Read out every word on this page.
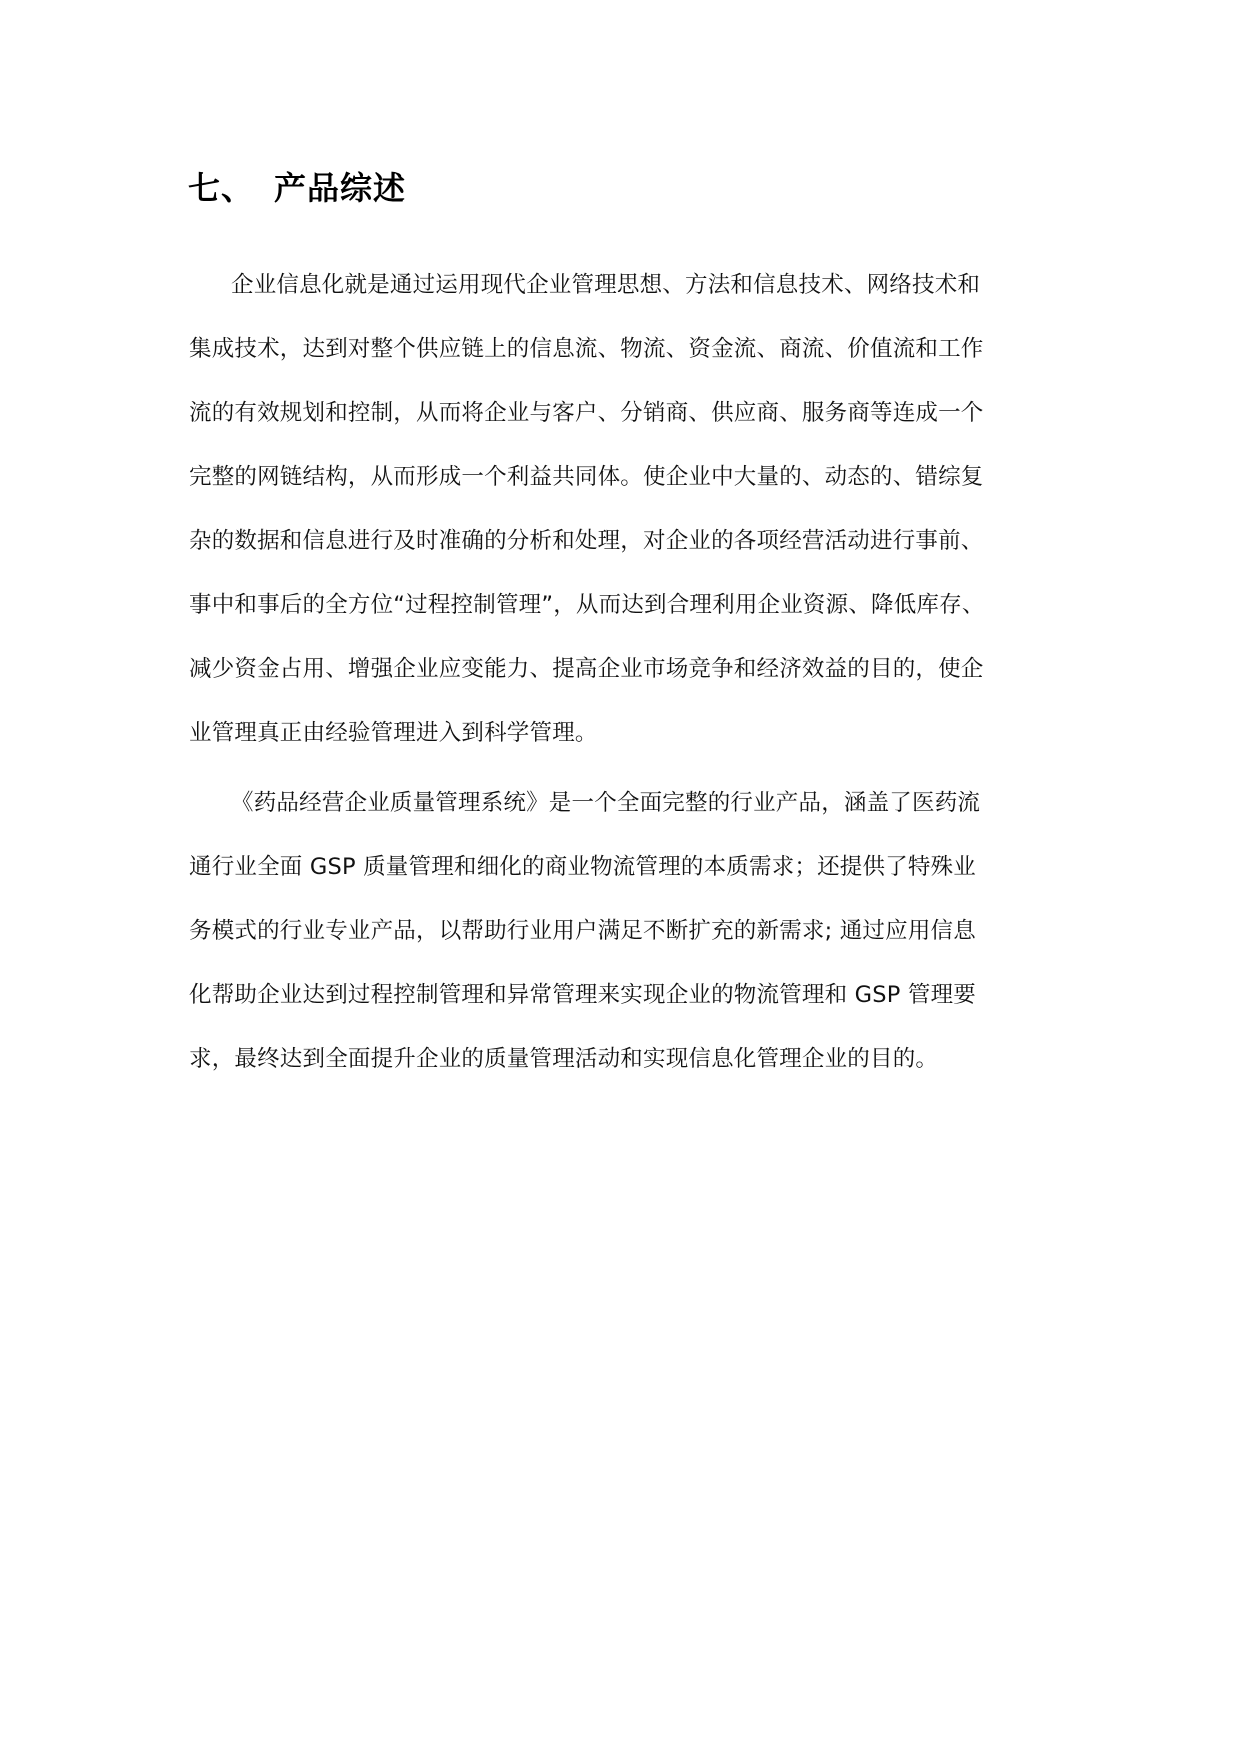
七、 产品综述
企业信息化就是通过运用现代企业管理思想、方法和信息技术、网络技术和
集成技术，达到对整个供应链上的信息流、物流、资金流、商流、价值流和工作
流的有效规划和控制，从而将企业与客户、分销商、供应商、服务商等连成一个
完整的网链结构，从而形成一个利益共同体。使企业中大量的、动态的、错综复
杂的数据和信息进行及时准确的分析和处理，对企业的各项经营活动进行事前、
事中和事后的全方位“过程控制管理”，从而达到合理利用企业资源、降低库存、
减少资金占用、增强企业应变能力、提高企业市场竞争和经济效益的目的，使企
业管理真正由经验管理进入到科学管理。
《药品经营企业质量管理系统》是一个全面完整的行业产品，涵盖了医药流
通行业全面 GSP 质量管理和细化的商业物流管理的本质需求；还提供了特殊业
务模式的行业专业产品，以帮助行业用户满足不断扩充的新需求; 通过应用信息
化帮助企业达到过程控制管理和异常管理来实现企业的物流管理和 GSP 管理要
求，最终达到全面提升企业的质量管理活动和实现信息化管理企业的目的。
